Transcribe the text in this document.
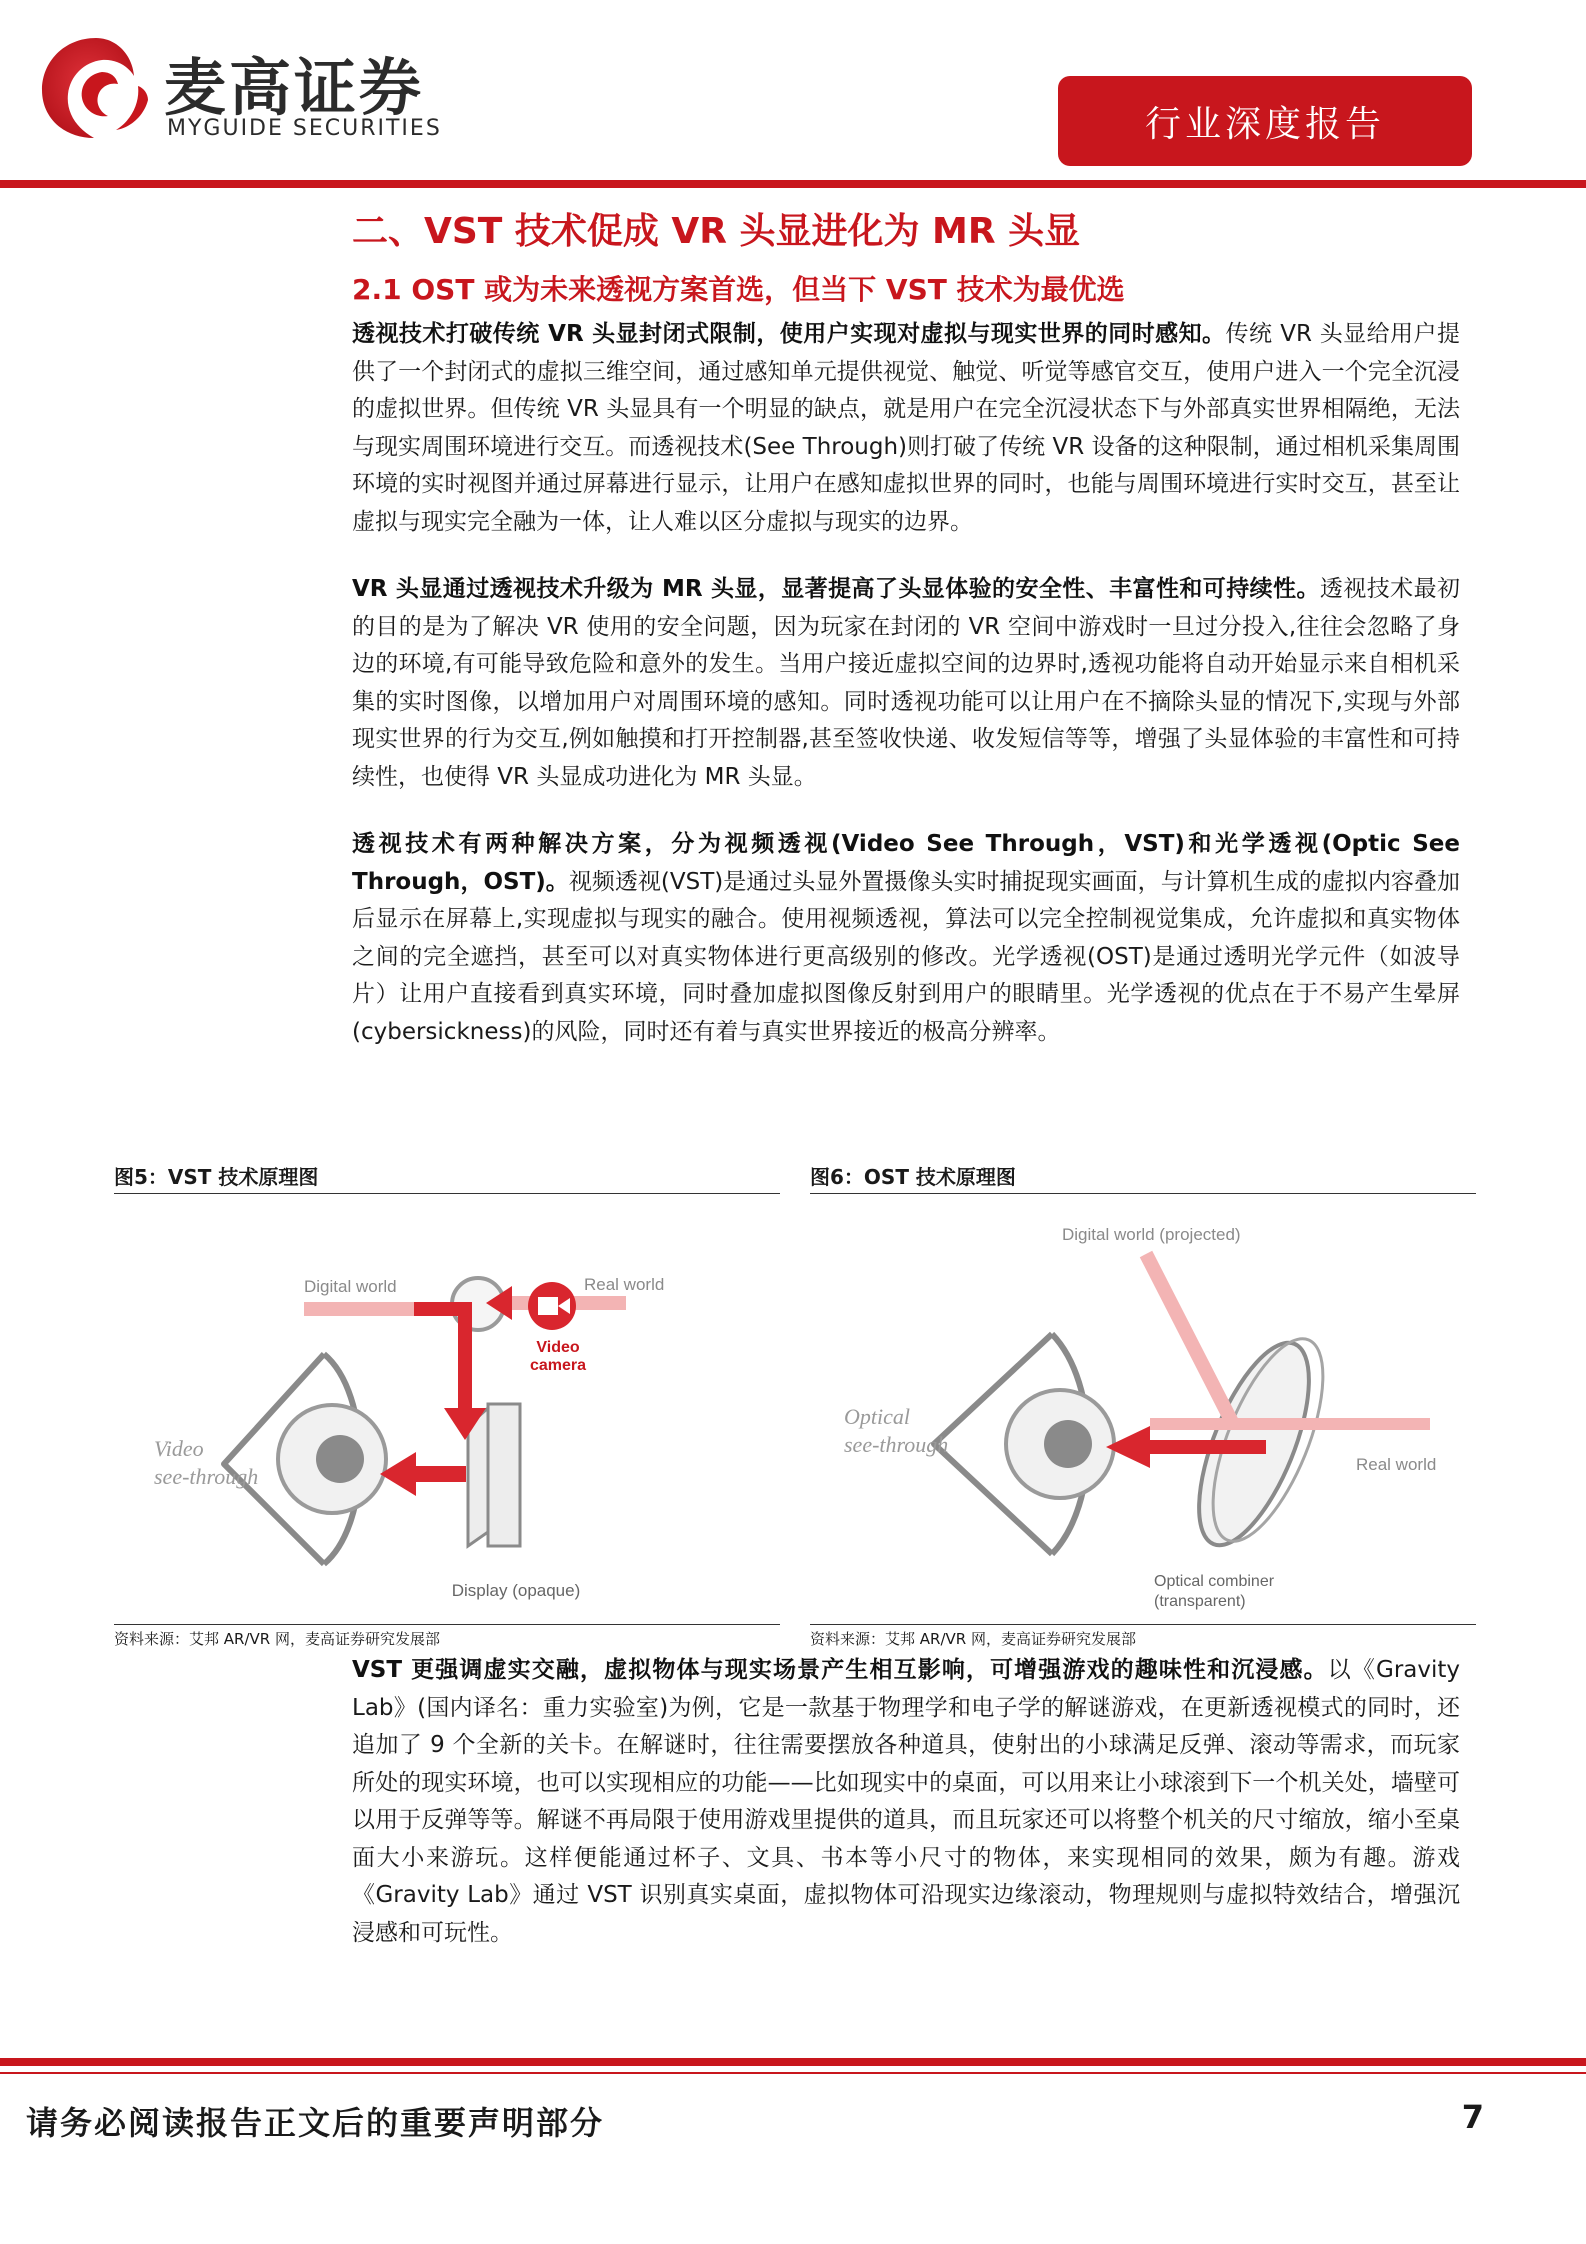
麦高证券
MYGUIDE SECURITIES	行业深度报告
二、VST 技术促成 VR 头显进化为 MR 头显
2.1 OST 或为未来透视方案首选，但当下 VST 技术为最优选

透视技术打破传统 VR 头显封闭式限制，使用户实现对虚拟与现实世界的同时感知。传统 VR 头显给用户提供了一个封闭式的虚拟三维空间，通过感知单元提供视觉、触觉、听觉等感官交互，使用户进入一个完全沉浸的虚拟世界。但传统 VR 头显具有一个明显的缺点，就是用户在完全沉浸状态下与外部真实世界相隔绝，无法与现实周围环境进行交互。而透视技术(See Through)则打破了传统 VR 设备的这种限制，通过相机采集周围环境的实时视图并通过屏幕进行显示，让用户在感知虚拟世界的同时，也能与周围环境进行实时交互，甚至让虚拟与现实完全融为一体，让人难以区分虚拟与现实的边界。

VR 头显通过透视技术升级为 MR 头显，显著提高了头显体验的安全性、丰富性和可持续性。透视技术最初的目的是为了解决 VR 使用的安全问题，因为玩家在封闭的 VR 空间中游戏时一旦过分投入,往往会忽略了身边的环境,有可能导致危险和意外的发生。当用户接近虚拟空间的边界时,透视功能将自动开始显示来自相机采集的实时图像，以增加用户对周围环境的感知。同时透视功能可以让用户在不摘除头显的情况下,实现与外部现实世界的行为交互,例如触摸和打开控制器,甚至签收快递、收发短信等等，增强了头显体验的丰富性和可持续性，也使得 VR 头显成功进化为 MR 头显。

透视技术有两种解决方案，分为视频透视(Video See Through，VST)和光学透视(Optic See Through，OST)。视频透视(VST)是通过头显外置摄像头实时捕捉现实画面，与计算机生成的虚拟内容叠加后显示在屏幕上,实现虚拟与现实的融合。使用视频透视，算法可以完全控制视觉集成，允许虚拟和真实物体之间的完全遮挡，甚至可以对真实物体进行更高级别的修改。光学透视(OST)是通过透明光学元件（如波导片）让用户直接看到真实环境，同时叠加虚拟图像反射到用户的眼睛里。光学透视的优点在于不易产生晕屏(cybersickness)的风险，同时还有着与真实世界接近的极高分辨率。

图5：VST 技术原理图
Digital world	Real world
Video
camera
Video
see-through
Display (opaque)
资料来源：艾邦 AR/VR 网，麦高证券研究发展部
图6：OST 技术原理图
Digital world (projected)
Real world
Optical
see-through
Optical combiner
(transparent)
资料来源：艾邦 AR/VR 网，麦高证券研究发展部

VST 更强调虚实交融，虚拟物体与现实场景产生相互影响，可增强游戏的趣味性和沉浸感。以《Gravity Lab》(国内译名：重力实验室)为例，它是一款基于物理学和电子学的解谜游戏，在更新透视模式的同时，还追加了 9 个全新的关卡。在解谜时，往往需要摆放各种道具，使射出的小球满足反弹、滚动等需求，而玩家所处的现实环境，也可以实现相应的功能——比如现实中的桌面，可以用来让小球滚到下一个机关处，墙壁可以用于反弹等等。解谜不再局限于使用游戏里提供的道具，而且玩家还可以将整个机关的尺寸缩放，缩小至桌面大小来游玩。这样便能通过杯子、文具、书本等小尺寸的物体，来实现相同的效果，颇为有趣。游戏《Gravity Lab》通过 VST 识别真实桌面，虚拟物体可沿现实边缘滚动，物理规则与虚拟特效结合，增强沉浸感和可玩性。

请务必阅读报告正文后的重要声明部分	7
